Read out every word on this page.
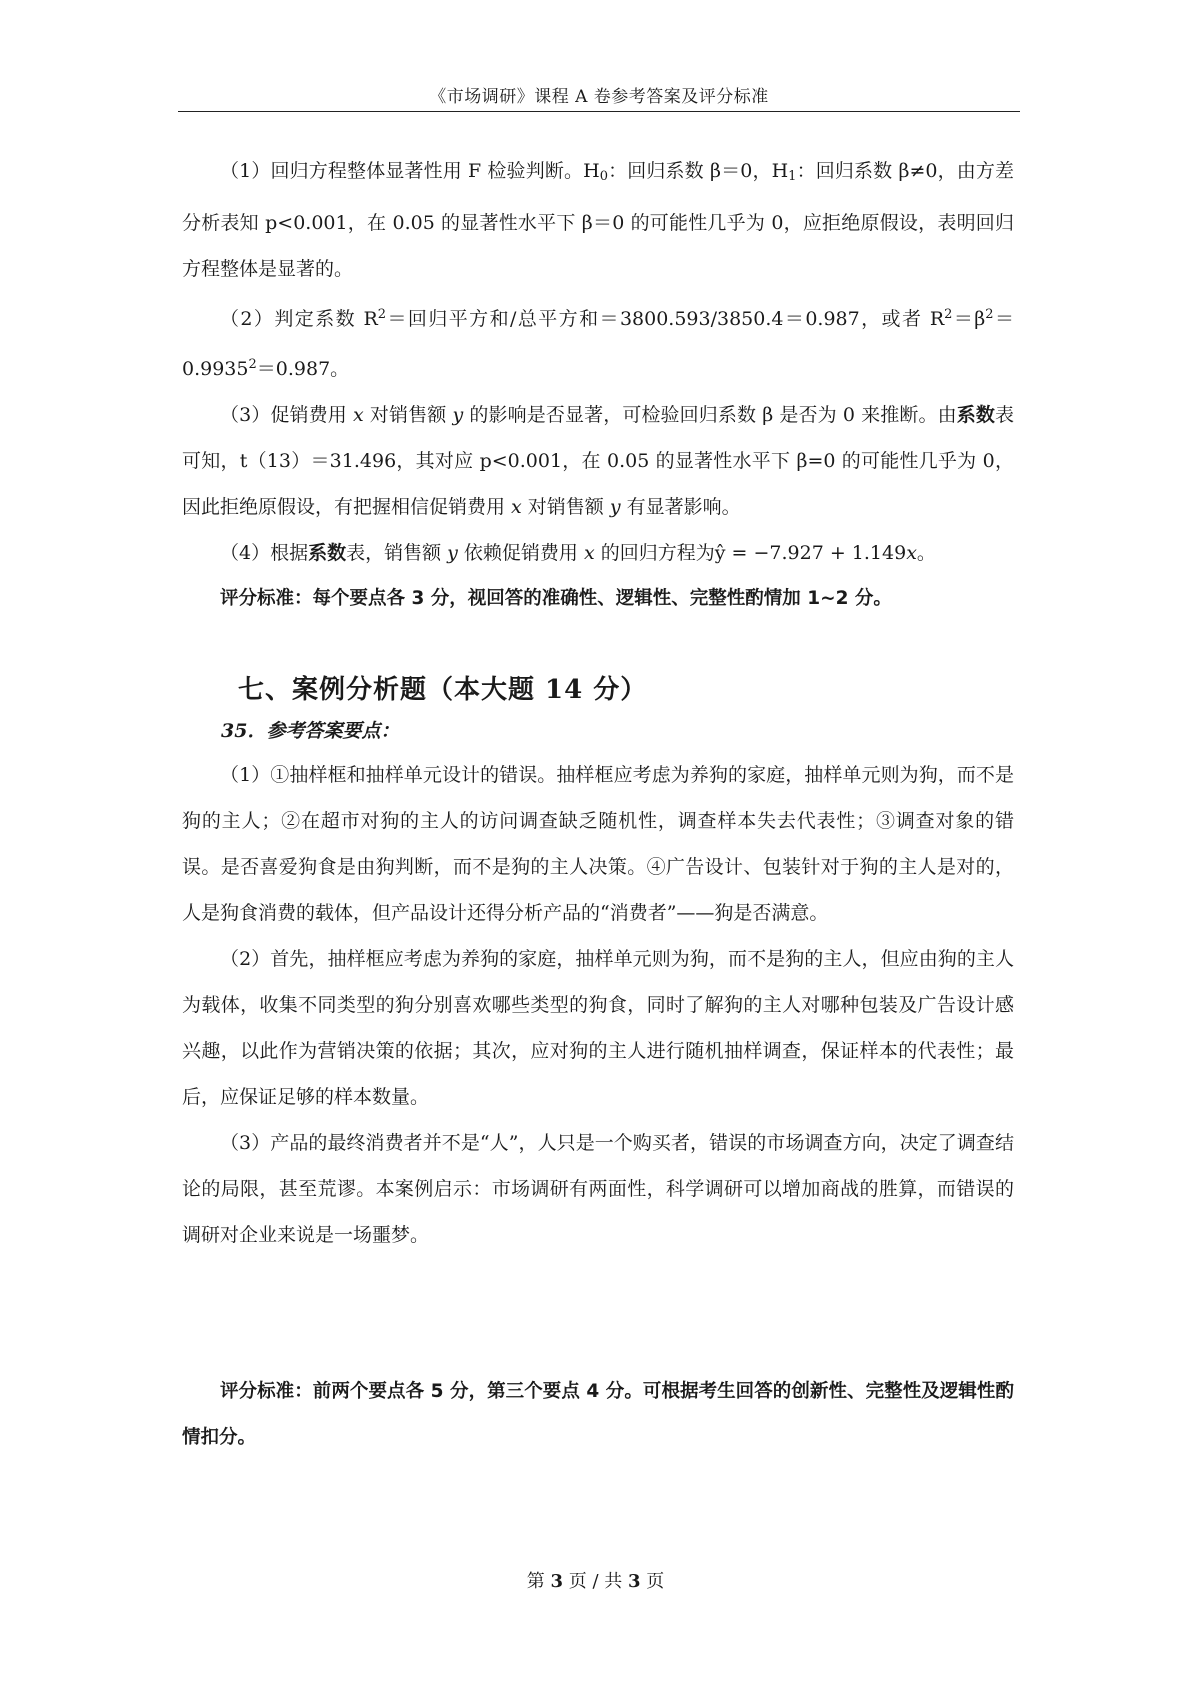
《市场调研》课程 A 卷参考答案及评分标准

（1）回归方程整体显著性用 F 检验判断。$H_0$：回归系数 β＝0，$H_1$：回归系数 β≠0，由方差分析表知 p<0.001，在 0.05 的显著性水平下 β＝0 的可能性几乎为 0，应拒绝原假设，表明回归方程整体是显著的。

（2）判定系数 $R^2=$回归平方和/总平方和＝3800.593/3850.4＝0.987，或者 $R^2=\beta^2=0.9935^2=0.987$。

（3）促销费用 x 对销售额 y 的影响是否显著，可检验回归系数 β 是否为 0 来推断。由系数表可知，t（13）＝31.496，其对应 p<0.001，在 0.05 的显著性水平下 β=0 的可能性几乎为 0，因此拒绝原假设，有把握相信促销费用 x 对销售额 y 有显著影响。

（4）根据系数表，销售额 y 依赖促销费用 x 的回归方程为ŷ = −7.927 + 1.149x。

评分标准：每个要点各 3 分，视回答的准确性、逻辑性、完整性酌情加 1~2 分。

七、案例分析题（本大题 14 分）
35．参考答案要点：

（1）①抽样框和抽样单元设计的错误。抽样框应考虑为养狗的家庭，抽样单元则为狗，而不是狗的主人；②在超市对狗的主人的访问调查缺乏随机性，调查样本失去代表性；③调查对象的错误。是否喜爱狗食是由狗判断，而不是狗的主人决策。④广告设计、包装针对于狗的主人是对的，人是狗食消费的载体，但产品设计还得分析产品的“消费者”——狗是否满意。

（2）首先，抽样框应考虑为养狗的家庭，抽样单元则为狗，而不是狗的主人，但应由狗的主人为载体，收集不同类型的狗分别喜欢哪些类型的狗食，同时了解狗的主人对哪种包装及广告设计感兴趣，以此作为营销决策的依据；其次，应对狗的主人进行随机抽样调查，保证样本的代表性；最后，应保证足够的样本数量。

（3）产品的最终消费者并不是“人”，人只是一个购买者，错误的市场调查方向，决定了调查结论的局限，甚至荒谬。本案例启示：市场调研有两面性，科学调研可以增加商战的胜算，而错误的调研对企业来说是一场噩梦。

评分标准：前两个要点各 5 分，第三个要点 4 分。可根据考生回答的创新性、完整性及逻辑性酌情扣分。

第 3 页 / 共 3 页
